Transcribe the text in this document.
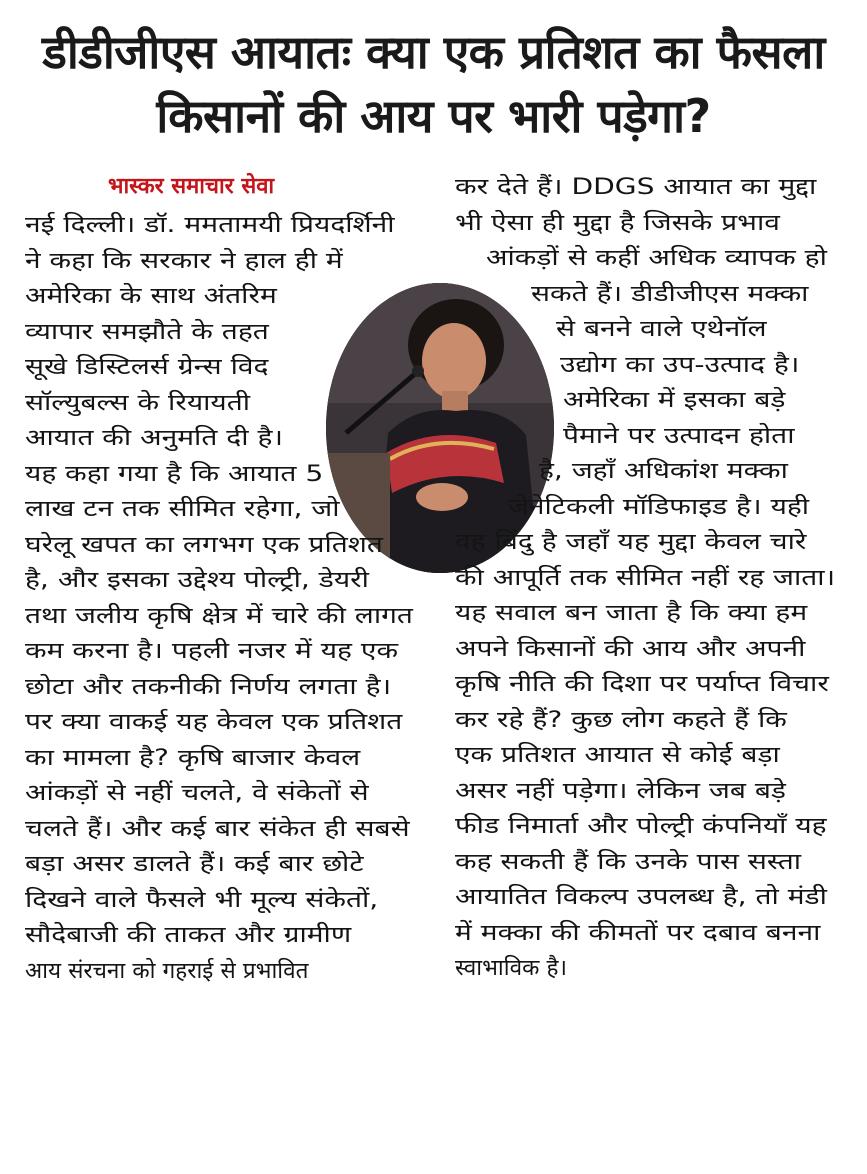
डीडीजीएस आयातः क्या एक प्रतिशत का फैसला
किसानों की आय पर भारी पड़ेगा?
भास्कर समाचार सेवा
नई दिल्ली। डॉ. ममतामयी प्रियदर्शिनी
ने कहा कि सरकार ने हाल ही में
अमेरिका के साथ अंतरिम
व्यापार समझौते के तहत
सूखे डिस्टिलर्स ग्रेन्स विद
सॉल्युबल्स के रियायती
आयात की अनुमति दी है।
यह कहा गया है कि आयात 5
लाख टन तक सीमित रहेगा, जो
घरेलू खपत का लगभग एक प्रतिशत
है, और इसका उद्देश्य पोल्ट्री, डेयरी
तथा जलीय कृषि क्षेत्र में चारे की लागत
कम करना है। पहली नजर में यह एक
छोटा और तकनीकी निर्णय लगता है।
पर क्या वाकई यह केवल एक प्रतिशत
का मामला है? कृषि बाजार केवल
आंकड़ों से नहीं चलते, वे संकेतों से
चलते हैं। और कई बार संकेत ही सबसे
बड़ा असर डालते हैं। कई बार छोटे
दिखने वाले फैसले भी मूल्य संकेतों,
सौदेबाजी की ताकत और ग्रामीण
आय संरचना को गहराई से प्रभावित
कर देते हैं। DDGS आयात का मुद्दा
भी ऐसा ही मुद्दा है जिसके प्रभाव
आंकड़ों से कहीं अधिक व्यापक हो
सकते हैं। डीडीजीएस मक्का
से बनने वाले एथेनॉल
उद्योग का उप-उत्पाद है।
अमेरिका में इसका बड़े
पैमाने पर उत्पादन होता
है, जहाँ अधिकांश मक्का
जेनेटिकली मॉडिफाइड है। यही
वह बिंदु है जहाँ यह मुद्दा केवल चारे
की आपूर्ति तक सीमित नहीं रह जाता।
यह सवाल बन जाता है कि क्या हम
अपने किसानों की आय और अपनी
कृषि नीति की दिशा पर पर्याप्त विचार
कर रहे हैं? कुछ लोग कहते हैं कि
एक प्रतिशत आयात से कोई बड़ा
असर नहीं पड़ेगा। लेकिन जब बड़े
फीड निमार्ता और पोल्ट्री कंपनियाँ यह
कह सकती हैं कि उनके पास सस्ता
आयातित विकल्प उपलब्ध है, तो मंडी
में मक्का की कीमतों पर दबाव बनना
स्वाभाविक है।
